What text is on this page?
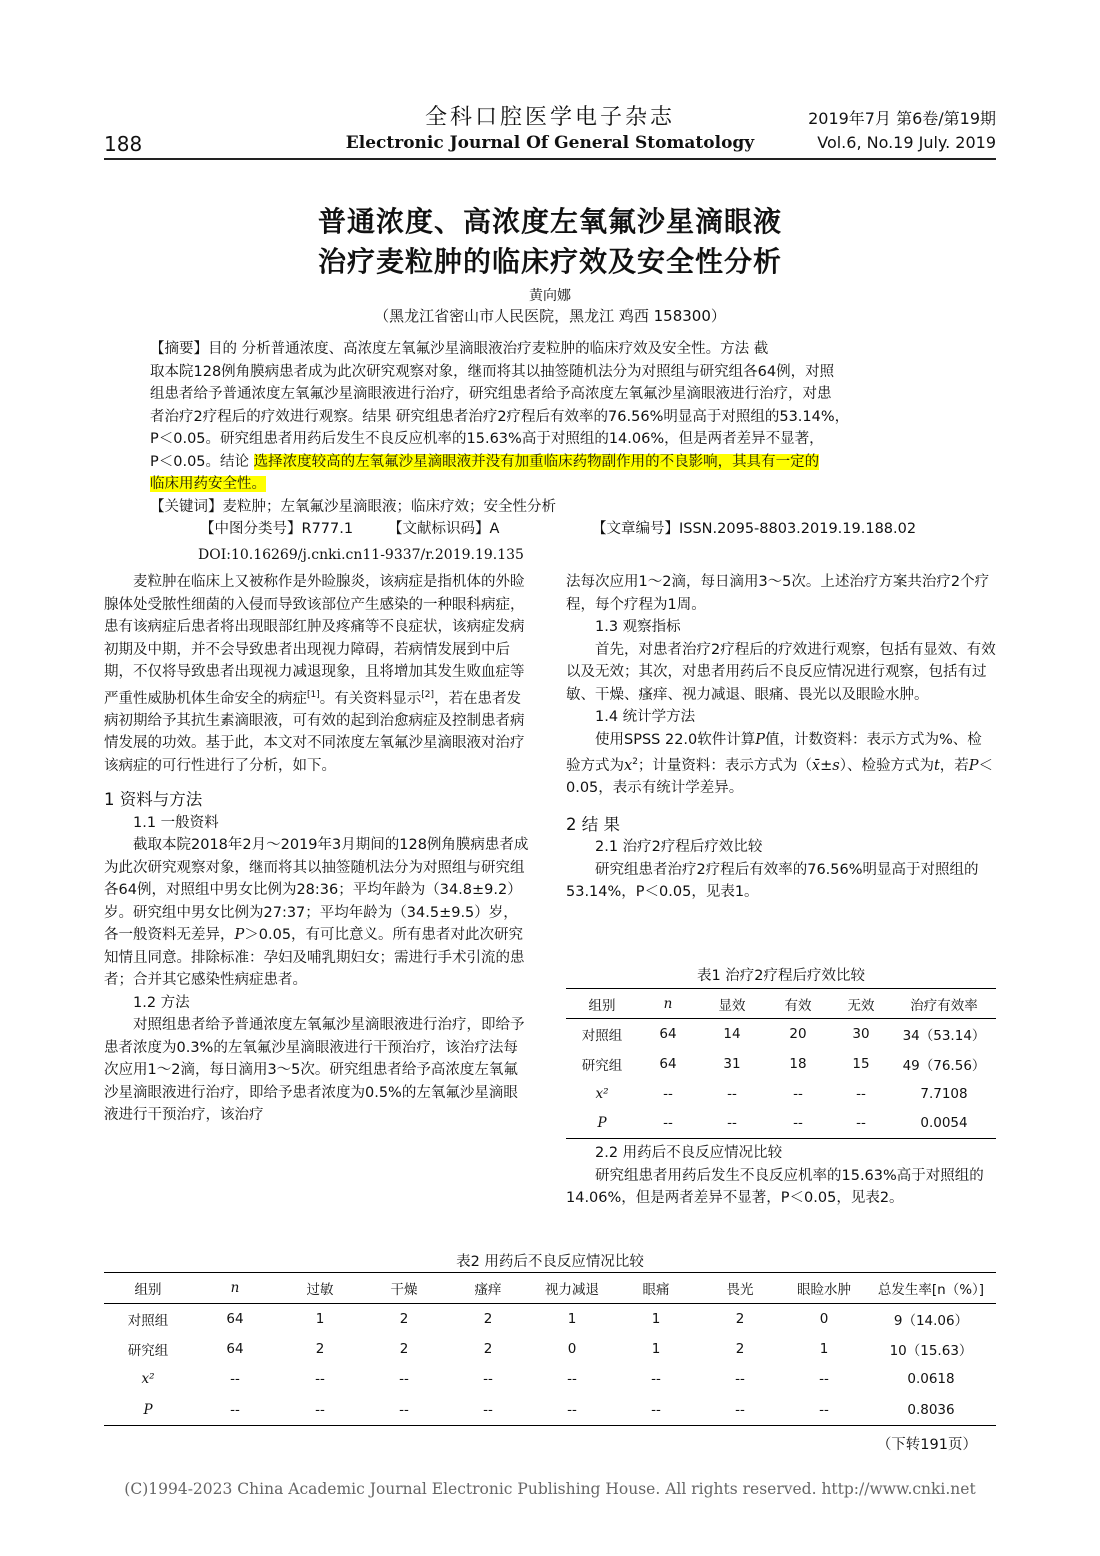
全科口腔医学电子杂志
Electronic Journal Of General Stomatology
188
2019年7月 第6卷/第19期
Vol.6, No.19 July. 2019
普通浓度、高浓度左氧氟沙星滴眼液
治疗麦粒肿的临床疗效及安全性分析
黄向娜
（黑龙江省密山市人民医院，黑龙江 鸡西 158300）
【摘要】目的 分析普通浓度、高浓度左氧氟沙星滴眼液治疗麦粒肿的临床疗效及安全性。方法 截
取本院128例角膜病患者成为此次研究观察对象，继而将其以抽签随机法分为对照组与研究组各64例，对照
组患者给予普通浓度左氧氟沙星滴眼液进行治疗，研究组患者给予高浓度左氧氟沙星滴眼液进行治疗，对患
者治疗2疗程后的疗效进行观察。结果 研究组患者治疗2疗程后有效率的76.56%明显高于对照组的53.14%，
P＜0.05。研究组患者用药后发生不良反应机率的15.63%高于对照组的14.06%，但是两者差异不显著，
P＜0.05。结论 选择浓度较高的左氧氟沙星滴眼液并没有加重临床药物副作用的不良影响，其具有一定的
临床用药安全性。
【关键词】麦粒肿；左氧氟沙星滴眼液；临床疗效；安全性分析
【中图分类号】R777.1 【文献标识码】A	【文章编号】ISSN.2095-8803.2019.19.188.02
DOI:10.16269/j.cnki.cn11-9337/r.2019.19.135

麦粒肿在临床上又被称作是外睑腺炎，该病症是指机体的外睑腺体处受脓性细菌的入侵而导致该部位产生感染的一种眼科病症，患有该病症后患者将出现眼部红肿及疼痛等不良症状，该病症发病初期及中期，并不会导致患者出现视力障碍，若病情发展到中后期，不仅将导致患者出现视力减退现象，且将增加其发生败血症等严重性威胁机体生命安全的病症[1]。有关资料显示[2]，若在患者发病初期给予其抗生素滴眼液，可有效的起到治愈病症及控制患者病情发展的功效。基于此，本文对不同浓度左氧氟沙星滴眼液对治疗该病症的可行性进行了分析，如下。

1 资料与方法

1.1 一般资料

截取本院2018年2月～2019年3月期间的128例角膜病患者成为此次研究观察对象，继而将其以抽签随机法分为对照组与研究组各64例，对照组中男女比例为28:36；平均年龄为（34.8±9.2）岁。研究组中男女比例为27:37；平均年龄为（34.5±9.5）岁，各一般资料无差异，P＞0.05，有可比意义。所有患者对此次研究知情且同意。排除标准：孕妇及哺乳期妇女；需进行手术引流的患者；合并其它感染性病症患者。

1.2 方法

对照组患者给予普通浓度左氧氟沙星滴眼液进行治疗，即给予患者浓度为0.3%的左氧氟沙星滴眼液进行干预治疗，该治疗法每次应用1～2滴，每日滴用3～5次。研究组患者给予高浓度左氧氟沙星滴眼液进行治疗，即给予患者浓度为0.5%的左氧氟沙星滴眼液进行干预治疗，该治疗

法每次应用1～2滴，每日滴用3～5次。上述治疗方案共治疗2个疗程，每个疗程为1周。

1.3 观察指标

首先，对患者治疗2疗程后的疗效进行观察，包括有显效、有效以及无效；其次，对患者用药后不良反应情况进行观察，包括有过敏、干燥、瘙痒、视力减退、眼痛、畏光以及眼睑水肿。

1.4 统计学方法

使用SPSS 22.0软件计算P值，计数资料：表示方式为%、检验方式为$x^2$；计量资料：表示方式为（x̄±s）、检验方式为t，若P＜0.05，表示有统计学差异。

2 结 果

2.1 治疗2疗程后疗效比较

研究组患者治疗2疗程后有效率的76.56%明显高于对照组的53.14%，P＜0.05，见表1。

表1 治疗2疗程后疗效比较
组别	n	显效	有效	无效	治疗有效率
对照组	64	14	20	30	34（53.14）
研究组	64	31	18	15	49（76.56）
x²	--	--	--	--	7.7108
P	--	--	--	--	0.0054

2.2 用药后不良反应情况比较

研究组患者用药后发生不良反应机率的15.63%高于对照组的14.06%，但是两者差异不显著，P＜0.05，见表2。

表2 用药后不良反应情况比较
组别	n	过敏	干燥	瘙痒	视力减退	眼痛	畏光	眼睑水肿	总发生率[n（%）]
对照组	64	1	2	2	1	1	2	0	9（14.06）
研究组	64	2	2	2	0	1	2	1	10（15.63）
x²	--	--	--	--	--	--	--	--	0.0618
P	--	--	--	--	--	--	--	--	0.8036
（下转191页）
(C)1994-2023 China Academic Journal Electronic Publishing House. All rights reserved. http://www.cnki.net
